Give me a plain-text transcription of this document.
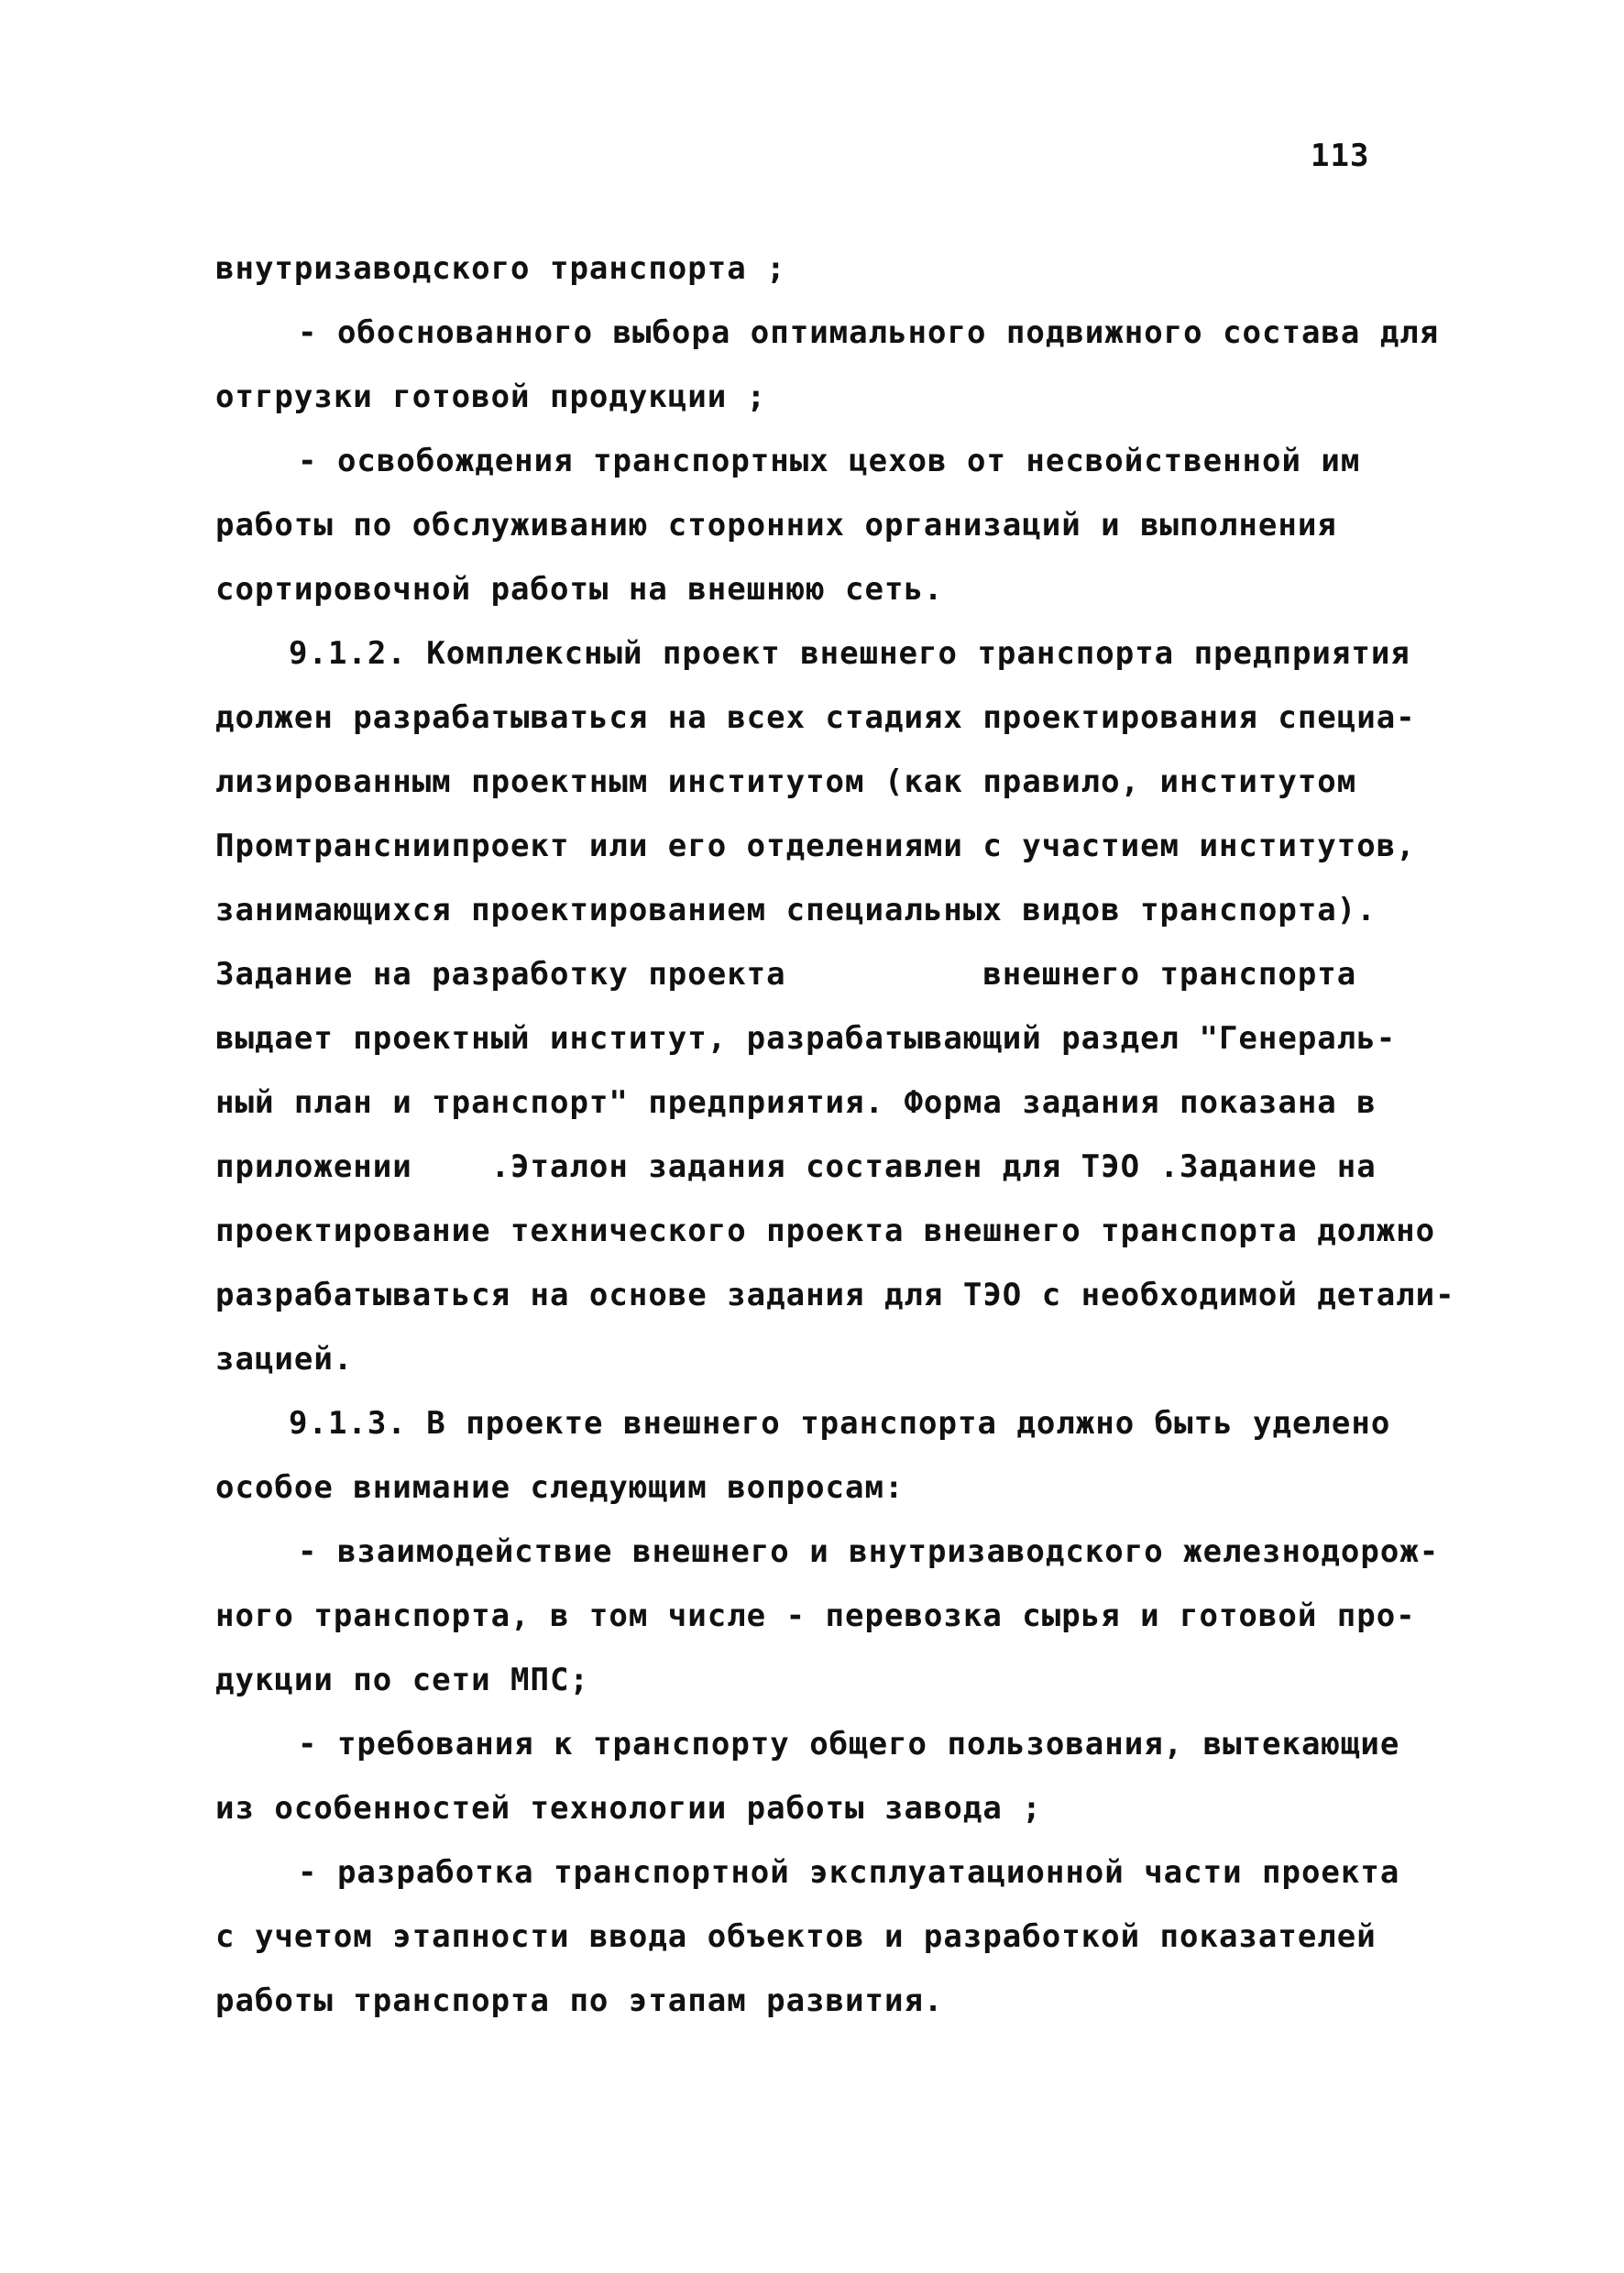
113
внутризаводского транспорта ;
- обоснованного выбора оптимального подвижного состава для
отгрузки готовой продукции ;
- освобождения транспортных цехов от несвойственной им
работы по обслуживанию сторонних организаций и выполнения
сортировочной работы на внешнюю сеть.
9.1.2. Комплексный проект внешнего транспорта предприятия
должен разрабатываться на всех стадиях проектирования специа-
лизированным проектным институтом (как правило, институтом
Промтрансниипроект или его отделениями с участием институтов,
занимающихся проектированием специальных видов транспорта).
Задание на разработку проекта          внешнего транспорта
выдает проектный институт, разрабатывающий раздел "Генераль-
ный план и транспорт" предприятия. Форма задания показана в
приложении    .Эталон задания составлен для ТЭО .Задание на
проектирование технического проекта внешнего транспорта должно
разрабатываться на основе задания для ТЭО с необходимой детали-
зацией.
9.1.3. В проекте внешнего транспорта должно быть уделено
особое внимание следующим вопросам:
- взаимодействие внешнего и внутризаводского железнодорож-
ного транспорта, в том числе - перевозка сырья и готовой про-
дукции по сети МПС;
- требования к транспорту общего пользования, вытекающие
из особенностей технологии работы завода ;
- разработка транспортной эксплуатационной части проекта
с учетом этапности ввода объектов и разработкой показателей
работы транспорта по этапам развития.
